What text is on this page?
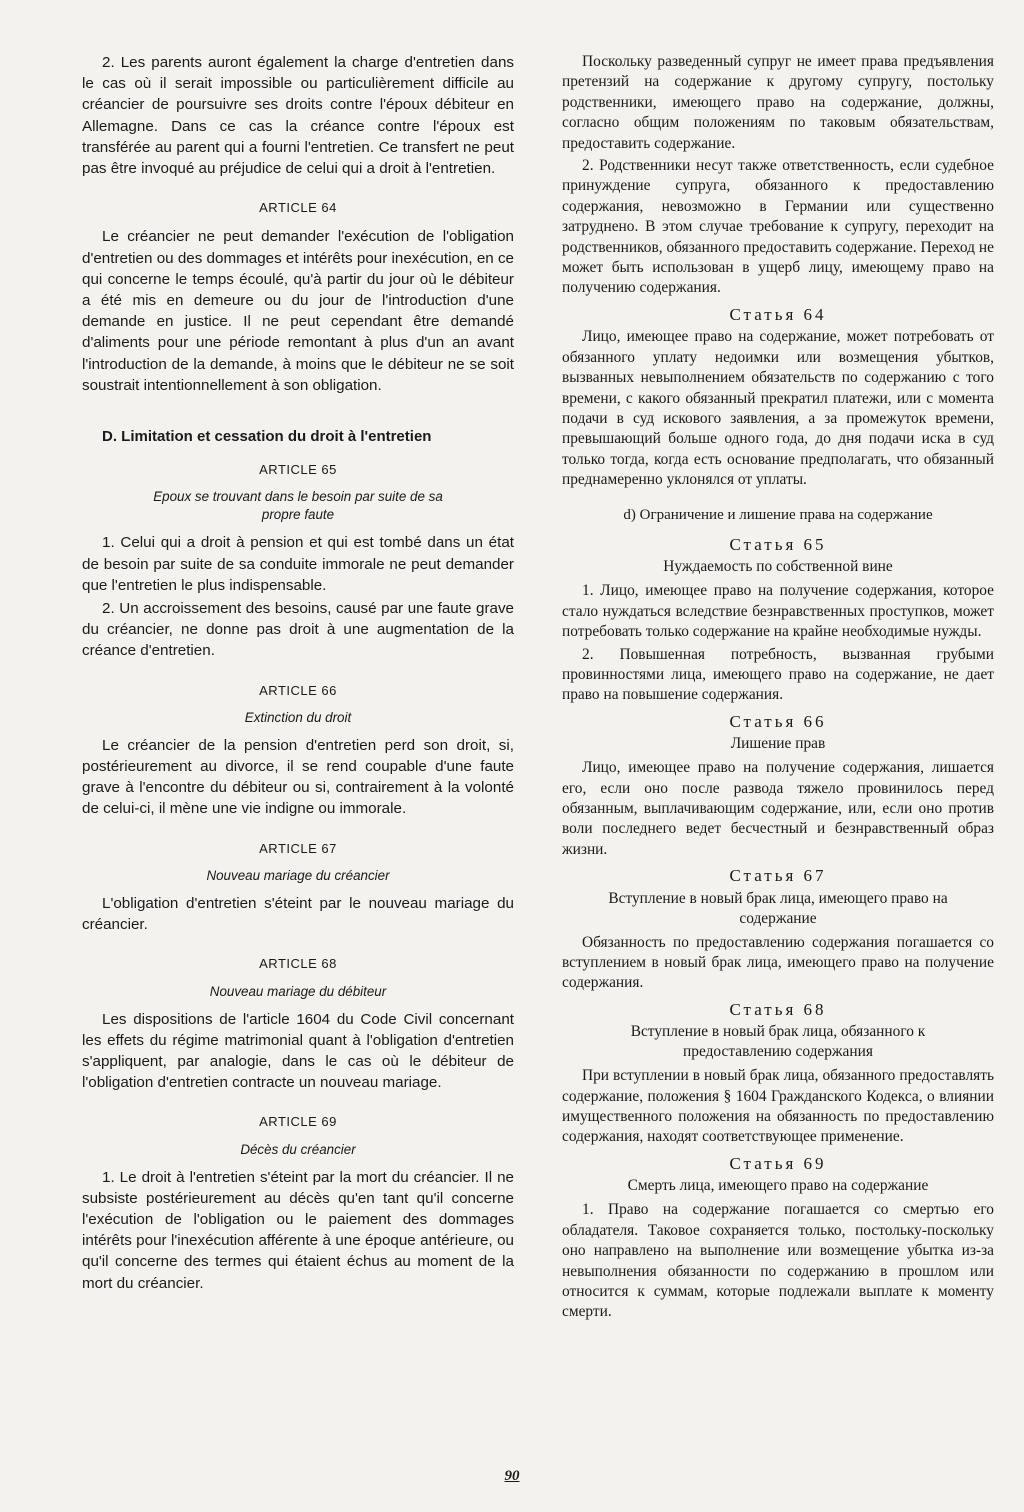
2. Les parents auront également la charge d'entretien dans le cas où il serait impossible ou particulièrement difficile au créancier de poursuivre ses droits contre l'époux débiteur en Allemagne. Dans ce cas la créance contre l'époux est transférée au parent qui a fourni l'entretien. Ce transfert ne peut pas être invoqué au préjudice de celui qui a droit à l'entretien.

ARTICLE 64

Le créancier ne peut demander l'exécution de l'obligation d'entretien ou des dommages et intérêts pour inexécution, en ce qui concerne le temps écoulé, qu'à partir du jour où le débiteur a été mis en demeure ou du jour de l'introduction d'une demande en justice. Il ne peut cependant être demandé d'aliments pour une période remontant à plus d'un an avant l'introduction de la demande, à moins que le débiteur ne se soit soustrait intentionnellement à son obligation.

D. Limitation et cessation du droit à l'entretien
ARTICLE 65
Epoux se trouvant dans le besoin par suite de sa propre faute

1. Celui qui a droit à pension et qui est tombé dans un état de besoin par suite de sa conduite immorale ne peut demander que l'entretien le plus indispensable.

2. Un accroissement des besoins, causé par une faute grave du créancier, ne donne pas droit à une augmentation de la créance d'entretien.

ARTICLE 66
Extinction du droit

Le créancier de la pension d'entretien perd son droit, si, postérieurement au divorce, il se rend coupable d'une faute grave à l'encontre du débiteur ou si, contrairement à la volonté de celui-ci, il mène une vie indigne ou immorale.

ARTICLE 67
Nouveau mariage du créancier

L'obligation d'entretien s'éteint par le nouveau mariage du créancier.

ARTICLE 68
Nouveau mariage du débiteur

Les dispositions de l'article 1604 du Code Civil concernant les effets du régime matrimonial quant à l'obligation d'entretien s'appliquent, par analogie, dans le cas où le débiteur de l'obligation d'entretien contracte un nouveau mariage.

ARTICLE 69
Décès du créancier

1. Le droit à l'entretien s'éteint par la mort du créancier. Il ne subsiste postérieurement au décès qu'en tant qu'il concerne l'exécution de l'obligation ou le paiement des dommages intérêts pour l'inexécution afférente à une époque antérieure, ou qu'il concerne des termes qui étaient échus au moment de la mort du créancier.

Поскольку разведенный супруг не имеет права предъявления претензий на содержание к другому супругу, постольку родственники, имеющего право на содержание, должны, согласно общим положениям по таковым обязательствам, предоставить содержание.

2. Родственники несут также ответственность, если судебное принуждение супруга, обязанного к предоставлению содержания, невозможно в Германии или существенно затруднено. В этом случае требование к супругу, переходит на родственников, обязанного предоставить содержание. Переход не может быть использован в ущерб лицу, имеющему право на получению содержания.

Статья 64

Лицо, имеющее право на содержание, может потребовать от обязанного уплату недоимки или возмещения убытков, вызванных невыполнением обязательств по содержанию с того времени, с какого обязанный прекратил платежи, или с момента подачи в суд искового заявления, а за промежуток времени, превышающий больше одного года, до дня подачи иска в суд только тогда, когда есть основание предполагать, что обязанный преднамеренно уклонялся от уплаты.

d) Ограничение и лишение права на содержание
Статья 65
Нуждаемость по собственной вине

1. Лицо, имеющее право на получение содержания, которое стало нуждаться вследствие безнравственных проступков, может потребовать только содержание на крайне необходимые нужды.

2. Повышенная потребность, вызванная грубыми провинностями лица, имеющего право на содержание, не дает право на повышение содержания.

Статья 66
Лишение прав

Лицо, имеющее право на получение содержания, лишается его, если оно после развода тяжело провинилось перед обязанным, выплачивающим содержание, или, если оно против воли последнего ведет бесчестный и безнравственный образ жизни.

Статья 67
Вступление в новый брак лица, имеющего право на содержание

Обязанность по предоставлению содержания погашается со вступлением в новый брак лица, имеющего право на получение содержания.

Статья 68
Вступление в новый брак лица, обязанного к предоставлению содержания

При вступлении в новый брак лица, обязанного предоставлять содержание, положения § 1604 Гражданского Кодекса, о влиянии имущественного положения на обязанность по предоставлению содержания, находят соответствующее применение.

Статья 69
Смерть лица, имеющего право на содержание

1. Право на содержание погашается со смертью его обладателя. Таковое сохраняется только, постольку-поскольку оно направлено на выполнение или возмещение убытка из-за невыполнения обязанности по содержанию в прошлом или относится к суммам, которые подлежали выплате к моменту смерти.

90
